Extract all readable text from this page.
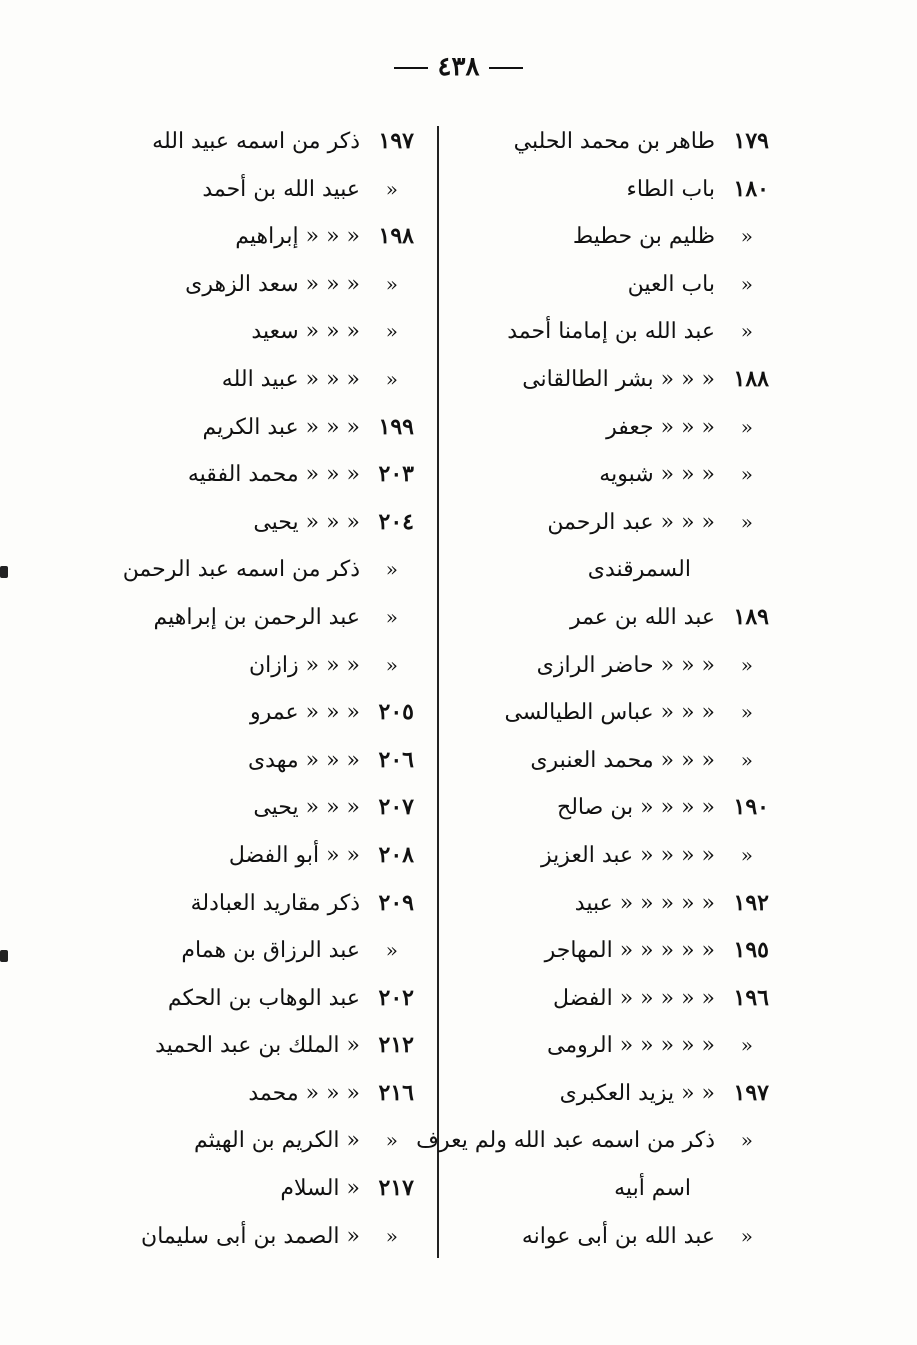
٤٣٨
١٧٩
طاهر بن محمد الحلبي
١٨٠
باب الطاء
«
ظليم بن حطيط
«
باب العين
«
عبد الله بن إمامنا أحمد
١٨٨
« « « بشر الطالقانى
«
« « « جعفر
«
« « « شبويه
«
« « « عبد الرحمن
السمرقندى
١٨٩
عبد الله بن عمر
«
« « « حاضر الرازى
«
« « « عباس الطيالسى
«
« « « محمد العنبرى
١٩٠
« « « « بن صالح
«
« « « « عبد العزيز
١٩٢
« « « « « عبيد
١٩٥
« « « « « المهاجر
١٩٦
« « « « « الفضل
«
« « « « « الرومى
١٩٧
« « يزيد العكبرى
«
ذكر من اسمه عبد الله ولم يعرف
اسم أبيه
«
عبد الله بن أبى عوانه
١٩٧
ذكر من اسمه عبيد الله
«
عبيد الله بن أحمد
١٩٨
« « « إبراهيم
«
« « « سعد الزهرى
«
« « « سعيد
«
« « « عبيد الله
١٩٩
« « « عبد الكريم
٢٠٣
« « « محمد الفقيه
٢٠٤
« « « يحيى
«
ذكر من اسمه عبد الرحمن
«
عبد الرحمن بن إبراهيم
«
« « « زازان
٢٠٥
« « « عمرو
٢٠٦
« « « مهدى
٢٠٧
« « « يحيى
٢٠٨
« « أبو الفضل
٢٠٩
ذكر مقاريد العبادلة
«
عبد الرزاق بن همام
٢٠٢
عبد الوهاب بن الحكم
٢١٢
« الملك بن عبد الحميد
٢١٦
« « « محمد
«
« الكريم بن الهيثم
٢١٧
« السلام
«
« الصمد بن أبى سليمان
